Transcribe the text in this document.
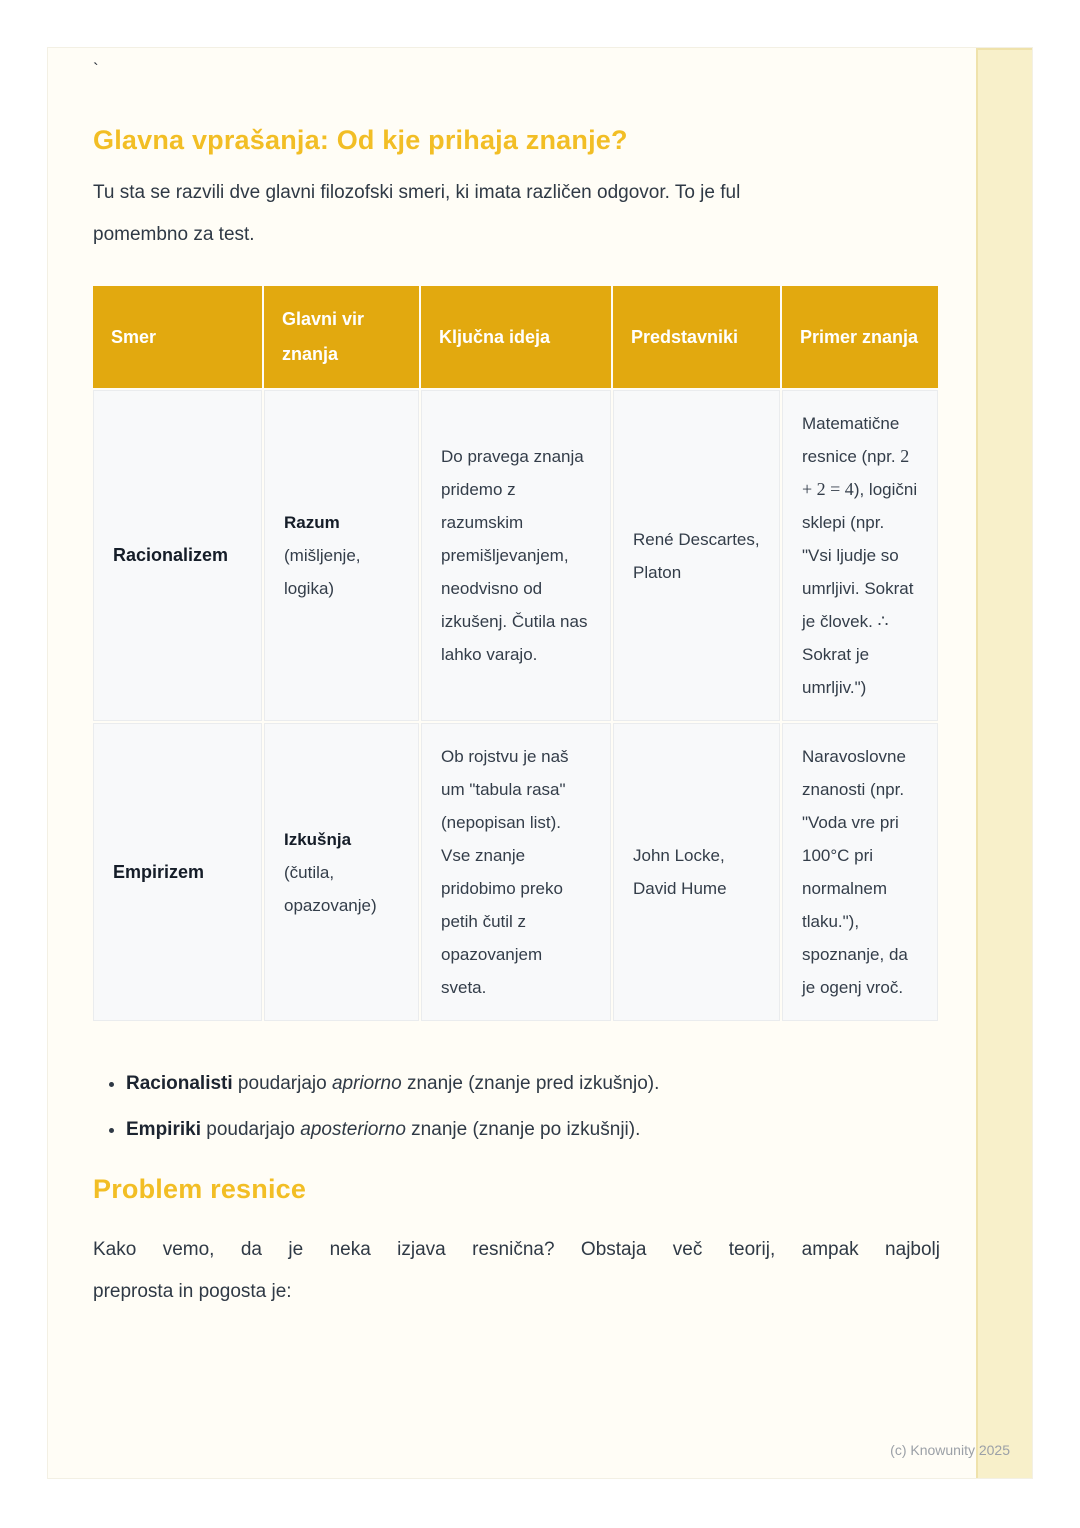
`
Glavna vprašanja: Od kje prihaja znanje?

Tu sta se razvili dve glavni filozofski smeri, ki imata različen odgovor. To je ful
pomembno za test.

Smer	Glavni vir znanja	Ključna ideja	Predstavniki	Primer znanja
Racionalizem	Razum (mišljenje, logika)	Do pravega znanja pridemo z razumskim premišljevanjem, neodvisno od izkušenj. Čutila nas lahko varajo.	René Descartes, Platon	Matematične resnice (npr. 2 + 2 = 4), logični sklepi (npr. "Vsi ljudje so umrljivi. Sokrat je človek. ∴ Sokrat je umrljiv.")
Empirizem	Izkušnja (čutila, opazovanje)	Ob rojstvu je naš um "tabula rasa" (nepopisan list). Vse znanje pridobimo preko petih čutil z opazovanjem sveta.	John Locke, David Hume	Naravoslovne znanosti (npr. "Voda vre pri 100°C pri normalnem tlaku."), spoznanje, da je ogenj vroč.
• Racionalisti poudarjajo apriorno znanje (znanje pred izkušnjo).
• Empiriki poudarjajo aposteriorno znanje (znanje po izkušnji).
Problem resnice

Kako vemo, da je neka izjava resnična? Obstaja več teorij, ampak najbolj
preprosta in pogosta je:

(c) Knowunity 2025
